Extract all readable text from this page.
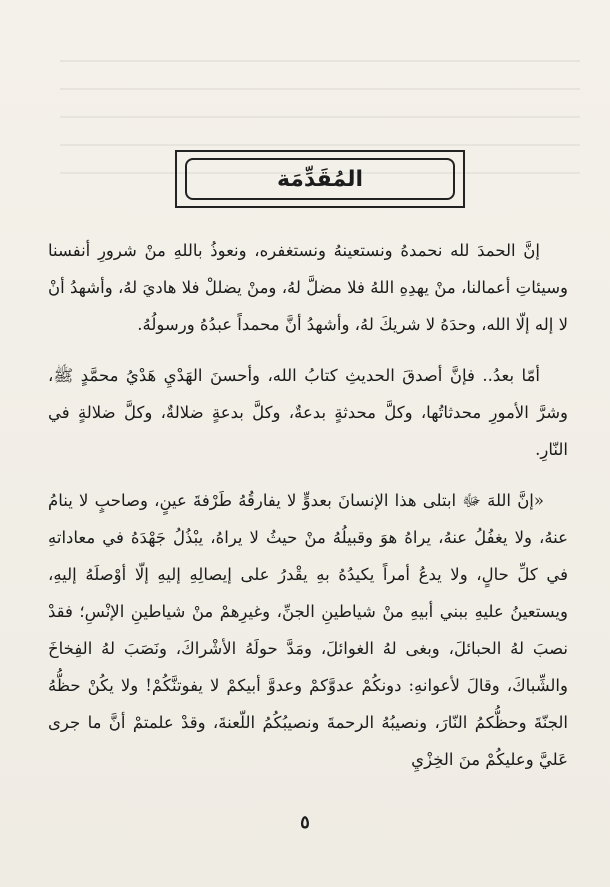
المُقَدِّمَة

إنَّ الحمدَ لله نحمدهُ ونستعينهُ ونستغفره، ونعوذُ باللهِ منْ شرورِ أنفسنا وسيئاتِ أعمالنا، منْ يهدِهِ اللهُ فلا مضلَّ لهُ، ومنْ يضللْ فلا هاديَ لهُ، وأشهدُ أنْ لا إله إلّا الله، وحدَهُ لا شريكَ لهُ، وأشهدُ أنَّ محمداً عبدُهُ ورسولُهُ.

أمّا بعدُ.. فإنَّ أصدقَ الحديثِ كتابُ الله، وأحسنَ الهَدْيِ هَدْيُ محمَّدٍ ﷺ، وشرَّ الأمورِ محدثاتُها، وكلَّ محدثةٍ بدعةٌ، وكلَّ بدعةٍ ضلالةٌ، وكلَّ ضلالةٍ في النّارِ.

«إنَّ اللهَ ﷻ ابتلى هذا الإنسانَ بعدوٍّ لا يفارقُهُ طَرْفةَ عينٍ، وصاحبٍ لا ينامُ عنهُ، ولا يغفُلُ عنهُ، يراهُ هوَ وقبيلُهُ منْ حيثُ لا يراهُ، يبْذُلُ جَهْدَهُ في معاداتهِ في كلِّ حالٍ، ولا يدعُ أمراً يكيدُهُ بهِ يقْدرُ على إيصالِهِ إليهِ إلّا أوْصلَهُ إليهِ، ويستعينُ عليهِ ببني أبيهِ منْ شياطينِ الجنِّ، وغيرِهمْ منْ شياطينِ الإنْسِ؛ فقدْ نصبَ لهُ الحبائلَ، وبغى لهُ الغوائلَ، ومَدَّ حولَهُ الأشْراكَ، ونَصَبَ لهُ الفِخاخَ والشِّباكَ، وقالَ لأعوانهِ: دونكُمْ عدوَّكمْ وعدوَّ أبيكمْ لا يفوتنَّكُمْ! ولا يكُنْ حظُّهُ الجنّةَ وحظُّكمُ النّارَ، ونصيبُهُ الرحمةَ ونصيبُكُمُ اللّعنةَ، وقدْ علمتمْ أنَّ ما جرى عَليَّ وعليكُمْ منَ الخِزْيِ

٥
